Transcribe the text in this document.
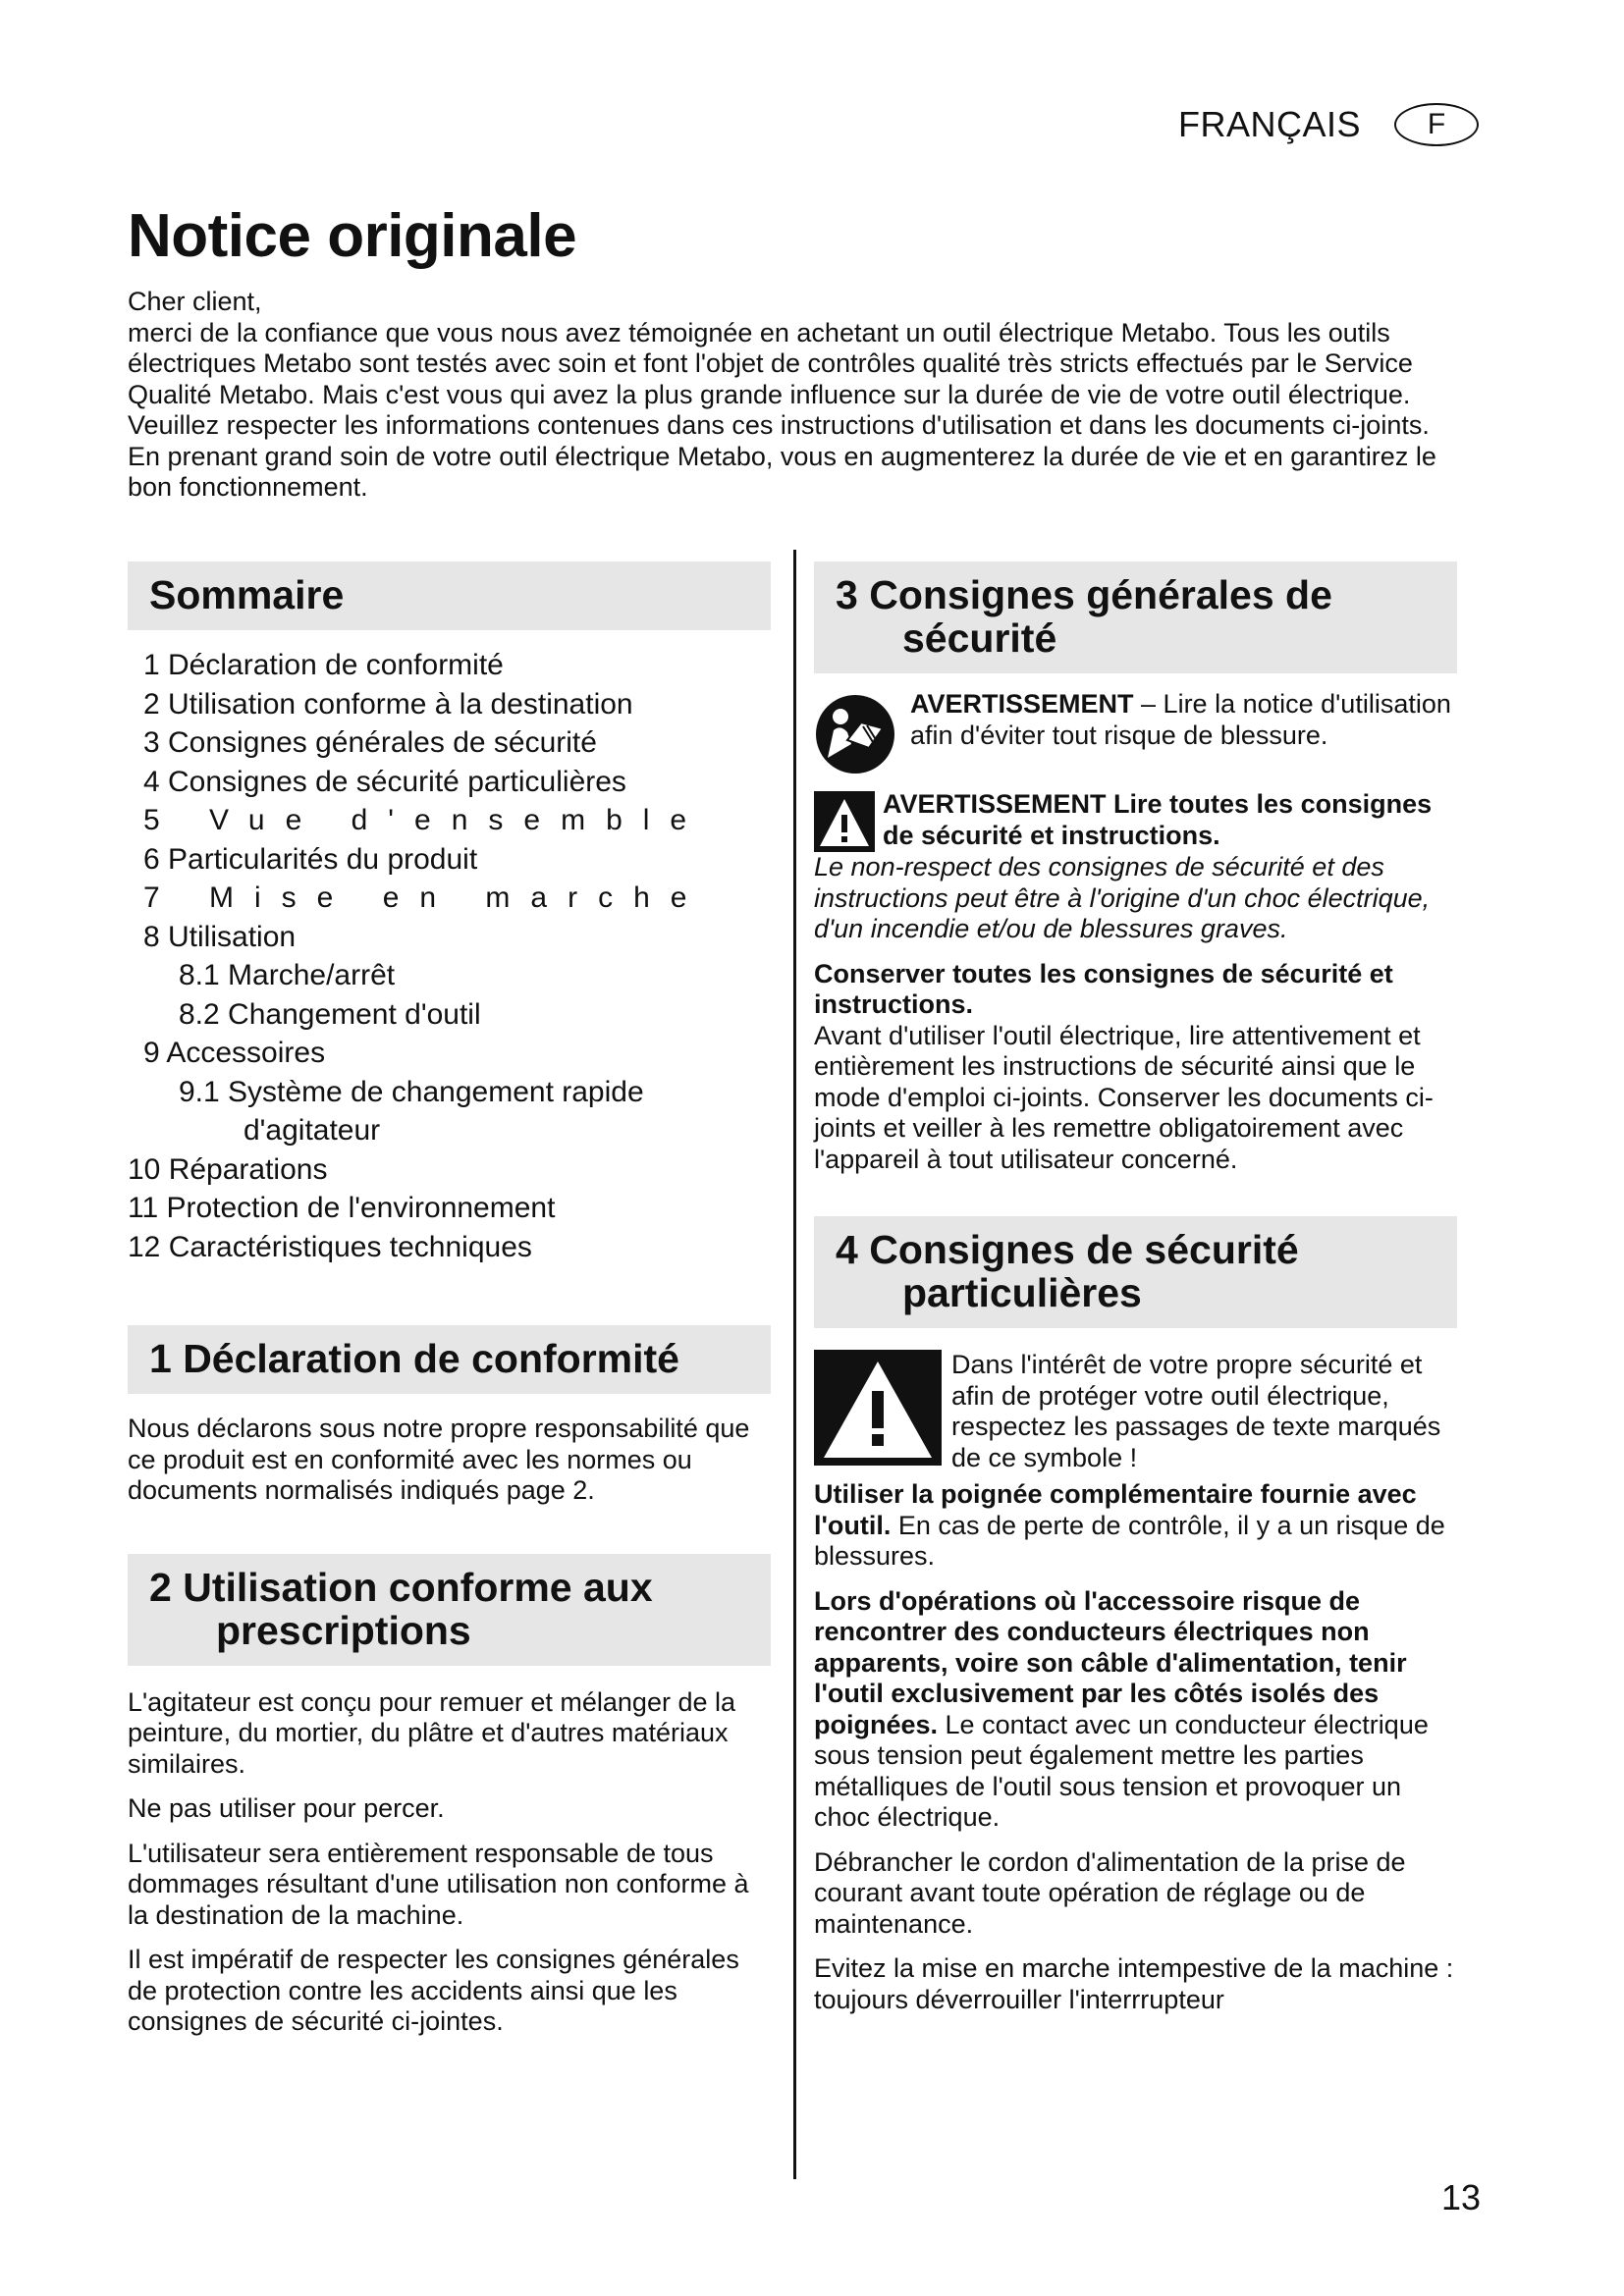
FRANÇAIS	F
Notice originale

Cher client,

merci de la confiance que vous nous avez témoignée en achetant un outil électrique Metabo. Tous les outils électriques Metabo sont testés avec soin et font l'objet de contrôles qualité très stricts effectués par le Service Qualité Metabo. Mais c'est vous qui avez la plus grande influence sur la durée de vie de votre outil électrique. Veuillez respecter les informations contenues dans ces instructions d'utilisation et dans les documents ci-joints. En prenant grand soin de votre outil électrique Metabo, vous en augmenterez la durée de vie et en garantirez le bon fonctionnement.

Sommaire
1 Déclaration de conformité
2 Utilisation conforme à la destination
3 Consignes générales de sécurité
4 Consignes de sécurité particulières
5 Vue d'ensemble
6 Particularités du produit
7 Mise en marche
8 Utilisation
8.1 Marche/arrêt
8.2 Changement d'outil
9 Accessoires
9.1 Système de changement rapide
d'agitateur
10 Réparations
11 Protection de l'environnement
12 Caractéristiques techniques
1 Déclaration de conformité

Nous déclarons sous notre propre responsabilité que ce produit est en conformité avec les normes ou documents normalisés indiqués page 2.

2 Utilisation conforme aux
prescriptions

L'agitateur est conçu pour remuer et mélanger de la peinture, du mortier, du plâtre et d'autres matériaux similaires.

Ne pas utiliser pour percer.

L'utilisateur sera entièrement responsable de tous dommages résultant d'une utilisation non conforme à la destination de la machine.

Il est impératif de respecter les consignes générales de protection contre les accidents ainsi que les consignes de sécurité ci-jointes.

3 Consignes générales de
sécurité
AVERTISSEMENT – Lire la notice d'utilisation afin d'éviter tout risque de blessure.
AVERTISSEMENT Lire toutes les consignes de sécurité et instructions.

Le non-respect des consignes de sécurité et des instructions peut être à l'origine d'un choc électrique, d'un incendie et/ou de blessures graves.

Conserver toutes les consignes de sécurité et instructions.
Avant d'utiliser l'outil électrique, lire attentivement et entièrement les instructions de sécurité ainsi que le mode d'emploi ci-joints. Conserver les documents ci-joints et veiller à les remettre obligatoirement avec l'appareil à tout utilisateur concerné.

4 Consignes de sécurité
particulières
Dans l'intérêt de votre propre sécurité et afin de protéger votre outil électrique, respectez les passages de texte marqués de ce symbole !

Utiliser la poignée complémentaire fournie avec l'outil. En cas de perte de contrôle, il y a un risque de blessures.

Lors d'opérations où l'accessoire risque de rencontrer des conducteurs électriques non apparents, voire son câble d'alimentation, tenir l'outil exclusivement par les côtés isolés des poignées. Le contact avec un conducteur électrique sous tension peut également mettre les parties métalliques de l'outil sous tension et provoquer un choc électrique.

Débrancher le cordon d'alimentation de la prise de courant avant toute opération de réglage ou de maintenance.

Evitez la mise en marche intempestive de la machine : toujours déverrouiller l'interrrupteur

13
